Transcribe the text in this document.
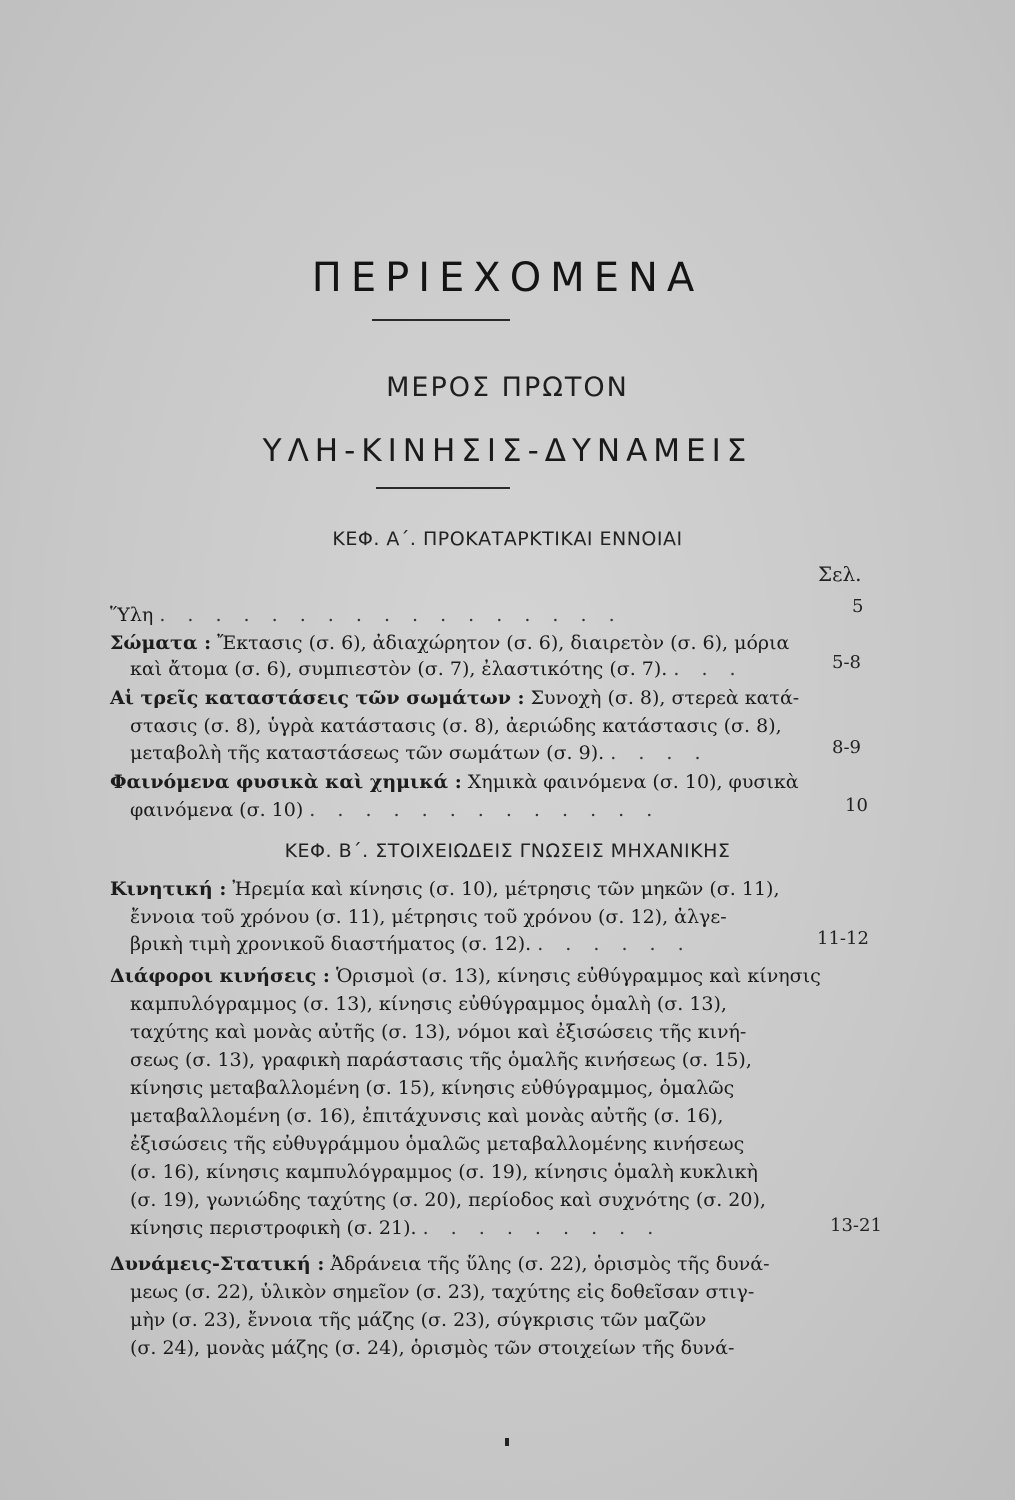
ΠΕΡΙΕΧΟΜΕΝΑ
ΜΕΡΟΣ ΠΡΩΤΟΝ
ΥΛΗ-ΚΙΝΗΣΙΣ-ΔΥΝΑΜΕΙΣ
ΚΕΦ. Α΄. ΠΡΟΚΑΤΑΡΚΤΙΚΑΙ ΕΝΝΟΙΑΙ
Σελ.
Ὕλη . . . . . . . . . . . . . . . . .	5
Σώματα : Ἔκτασις (σ. 6), ἀδιαχώρητον (σ. 6), διαιρετὸν (σ. 6), μόρια
καὶ ἄτομα (σ. 6), συμπιεστὸν (σ. 7), ἐλαστικότης (σ. 7). . . .	5-8
Αἱ τρεῖς καταστάσεις τῶν σωμάτων : Συνοχὴ (σ. 8), στερεὰ κατά-
στασις (σ. 8), ὑγρὰ κατάστασις (σ. 8), ἀεριώδης κατάστασις (σ. 8),
μεταβολὴ τῆς καταστάσεως τῶν σωμάτων (σ. 9). . . . .	8-9
Φαινόμενα φυσικὰ καὶ χημικά : Χημικὰ φαινόμενα (σ. 10), φυσικὰ
φαινόμενα (σ. 10) . . . . . . . . . . . . .	10
ΚΕΦ. Β΄. ΣΤΟΙΧΕΙΩΔΕΙΣ ΓΝΩΣΕΙΣ ΜΗΧΑΝΙΚΗΣ
Κινητική : Ἠρεμία καὶ κίνησις (σ. 10), μέτρησις τῶν μηκῶν (σ. 11),
ἔννοια τοῦ χρόνου (σ. 11), μέτρησις τοῦ χρόνου (σ. 12), ἀλγε-
βρικὴ τιμὴ χρονικοῦ διαστήματος (σ. 12). . . . . . .	11-12
Διάφοροι κινήσεις : Ὁρισμοὶ (σ. 13), κίνησις εὐθύγραμμος καὶ κίνησις
καμπυλόγραμμος (σ. 13), κίνησις εὐθύγραμμος ὁμαλὴ (σ. 13),
ταχύτης καὶ μονὰς αὐτῆς (σ. 13), νόμοι καὶ ἐξισώσεις τῆς κινή-
σεως (σ. 13), γραφικὴ παράστασις τῆς ὁμαλῆς κινήσεως (σ. 15),
κίνησις μεταβαλλομένη (σ. 15), κίνησις εὐθύγραμμος, ὁμαλῶς
μεταβαλλομένη (σ. 16), ἐπιτάχυνσις καὶ μονὰς αὐτῆς (σ. 16),
ἐξισώσεις τῆς εὐθυγράμμου ὁμαλῶς μεταβαλλομένης κινήσεως
(σ. 16), κίνησις καμπυλόγραμμος (σ. 19), κίνησις ὁμαλὴ κυκλικὴ
(σ. 19), γωνιώδης ταχύτης (σ. 20), περίοδος καὶ συχνότης (σ. 20),
κίνησις περιστροφικὴ (σ. 21). . . . . . . . . .	13-21
Δυνάμεις-Στατική : Ἀδράνεια τῆς ὕλης (σ. 22), ὁρισμὸς τῆς δυνά-
μεως (σ. 22), ὑλικὸν σημεῖον (σ. 23), ταχύτης εἰς δοθεῖσαν στιγ-
μὴν (σ. 23), ἔννοια τῆς μάζης (σ. 23), σύγκρισις τῶν μαζῶν
(σ. 24), μονὰς μάζης (σ. 24), ὁρισμὸς τῶν στοιχείων τῆς δυνά-
